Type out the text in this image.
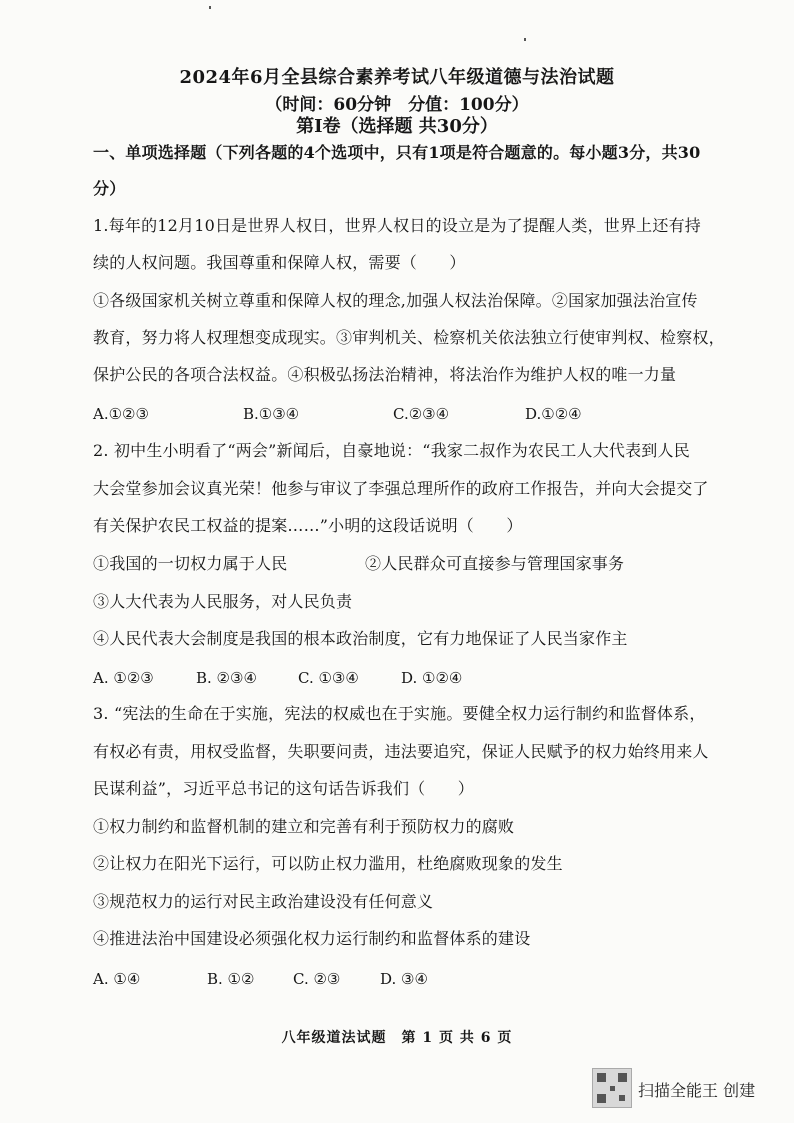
2024年6月全县综合素养考试八年级道德与法治试题
（时间：60分钟　分值：100分）
第Ⅰ卷（选择题 共30分）
一、单项选择题（下列各题的4个选项中，只有1项是符合题意的。每小题3分，共30
分）
1.每年的12月10日是世界人权日，世界人权日的设立是为了提醒人类，世界上还有持
续的人权问题。我国尊重和保障人权，需要（　　）
①各级国家机关树立尊重和保障人权的理念,加强人权法治保障。②国家加强法治宣传
教育，努力将人权理想变成现实。③审判机关、检察机关依法独立行使审判权、检察权，
保护公民的各项合法权益。④积极弘扬法治精神，将法治作为维护人权的唯一力量
A.①②③	B.①③④	C.②③④	D.①②④
2. 初中生小明看了“两会”新闻后，自豪地说：“我家二叔作为农民工人大代表到人民
大会堂参加会议真光荣！他参与审议了李强总理所作的政府工作报告，并向大会提交了
有关保护农民工权益的提案……”小明的这段话说明（　　）
①我国的一切权力属于人民	②人民群众可直接参与管理国家事务
③人大代表为人民服务，对人民负责
④人民代表大会制度是我国的根本政治制度，它有力地保证了人民当家作主
A. ①②③	B. ②③④	C. ①③④	D. ①②④
3. “宪法的生命在于实施，宪法的权威也在于实施。要健全权力运行制约和监督体系，
有权必有责，用权受监督，失职要问责，违法要追究，保证人民赋予的权力始终用来人
民谋利益”，习近平总书记的这句话告诉我们（　　）
①权力制约和监督机制的建立和完善有利于预防权力的腐败
②让权力在阳光下运行，可以防止权力滥用，杜绝腐败现象的发生
③规范权力的运行对民主政治建设没有任何意义
④推进法治中国建设必须强化权力运行制约和监督体系的建设
A. ①④	B. ①②	C. ②③	D. ③④
八年级道法试题　第 1 页 共 6 页
扫描全能王 创建
